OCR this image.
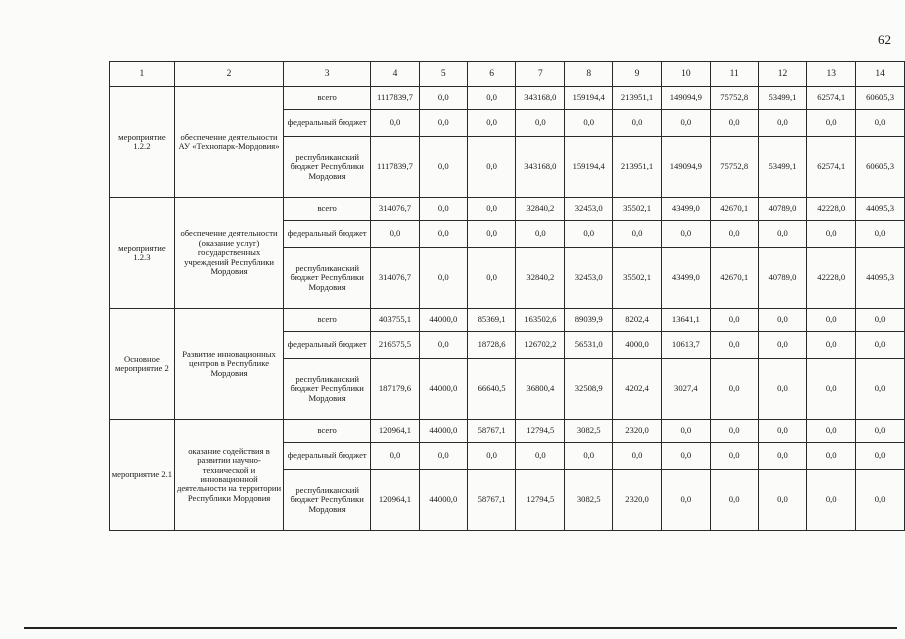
62
1	2	3	4	5	6	7	8	9	10	11	12	13	14
мероприятие 1.2.2	обеспечение деятельности АУ «Технопарк-Мордовия»	всего	1117839,7	0,0	0,0	343168,0	159194,4	213951,1	149094,9	75752,8	53499,1	62574,1	60605,3
		федеральный бюджет	0,0	0,0	0,0	0,0	0,0	0,0	0,0	0,0	0,0	0,0	0,0
		республиканский бюджет Республики Мордовия	1117839,7	0,0	0,0	343168,0	159194,4	213951,1	149094,9	75752,8	53499,1	62574,1	60605,3
мероприятие 1.2.3	обеспечение деятельности (оказание услуг) государственных учреждений Республики Мордовия	всего	314076,7	0,0	0,0	32840,2	32453,0	35502,1	43499,0	42670,1	40789,0	42228,0	44095,3
		федеральный бюджет	0,0	0,0	0,0	0,0	0,0	0,0	0,0	0,0	0,0	0,0	0,0
		республиканский бюджет Республики Мордовия	314076,7	0,0	0,0	32840,2	32453,0	35502,1	43499,0	42670,1	40789,0	42228,0	44095,3
Основное мероприятие 2	Развитие инновационных центров в Республике Мордовия	всего	403755,1	44000,0	85369,1	163502,6	89039,9	8202,4	13641,1	0,0	0,0	0,0	0,0
		федеральный бюджет	216575,5	0,0	18728,6	126702,2	56531,0	4000,0	10613,7	0,0	0,0	0,0	0,0
		республиканский бюджет Республики Мордовия	187179,6	44000,0	66640,5	36800,4	32508,9	4202,4	3027,4	0,0	0,0	0,0	0,0
мероприятие 2.1	оказание содействия в развитии научно-технической и инновационной деятельности на территории Республики Мордовия	всего	120964,1	44000,0	58767,1	12794,5	3082,5	2320,0	0,0	0,0	0,0	0,0	0,0
		федеральный бюджет	0,0	0,0	0,0	0,0	0,0	0,0	0,0	0,0	0,0	0,0	0,0
		республиканский бюджет Республики Мордовия	120964,1	44000,0	58767,1	12794,5	3082,5	2320,0	0,0	0,0	0,0	0,0	0,0
